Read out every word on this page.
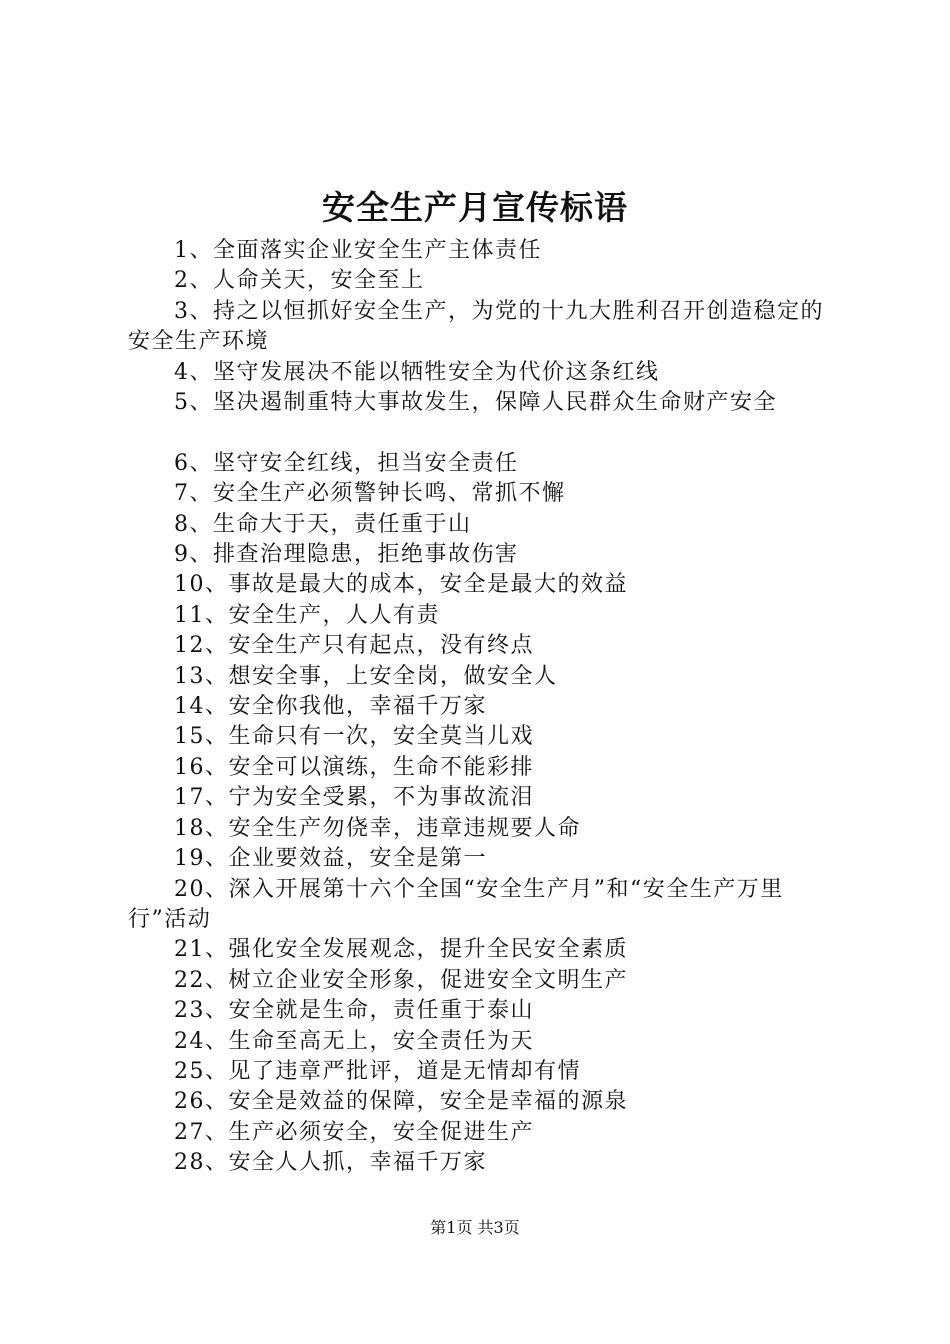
安全生产月宣传标语

1、全面落实企业安全生产主体责任

2、人命关天，安全至上

3、持之以恒抓好安全生产，为党的十九大胜利召开创造稳定的安全生产环境

4、坚守发展决不能以牺牲安全为代价这条红线

5、坚决遏制重特大事故发生，保障人民群众生命财产安全

6、坚守安全红线，担当安全责任

7、安全生产必须警钟长鸣、常抓不懈

8、生命大于天，责任重于山

9、排查治理隐患，拒绝事故伤害

10、事故是最大的成本，安全是最大的效益

11、安全生产，人人有责

12、安全生产只有起点，没有终点

13、想安全事，上安全岗，做安全人

14、安全你我他，幸福千万家

15、生命只有一次，安全莫当儿戏

16、安全可以演练，生命不能彩排

17、宁为安全受累，不为事故流泪

18、安全生产勿侥幸，违章违规要人命

19、企业要效益，安全是第一

20、深入开展第十六个全国“安全生产月”和“安全生产万里行”活动

21、强化安全发展观念，提升全民安全素质

22、树立企业安全形象，促进安全文明生产

23、安全就是生命，责任重于泰山

24、生命至高无上，安全责任为天

25、见了违章严批评，道是无情却有情

26、安全是效益的保障，安全是幸福的源泉

27、生产必须安全，安全促进生产

28、安全人人抓，幸福千万家

第1页 共3页
